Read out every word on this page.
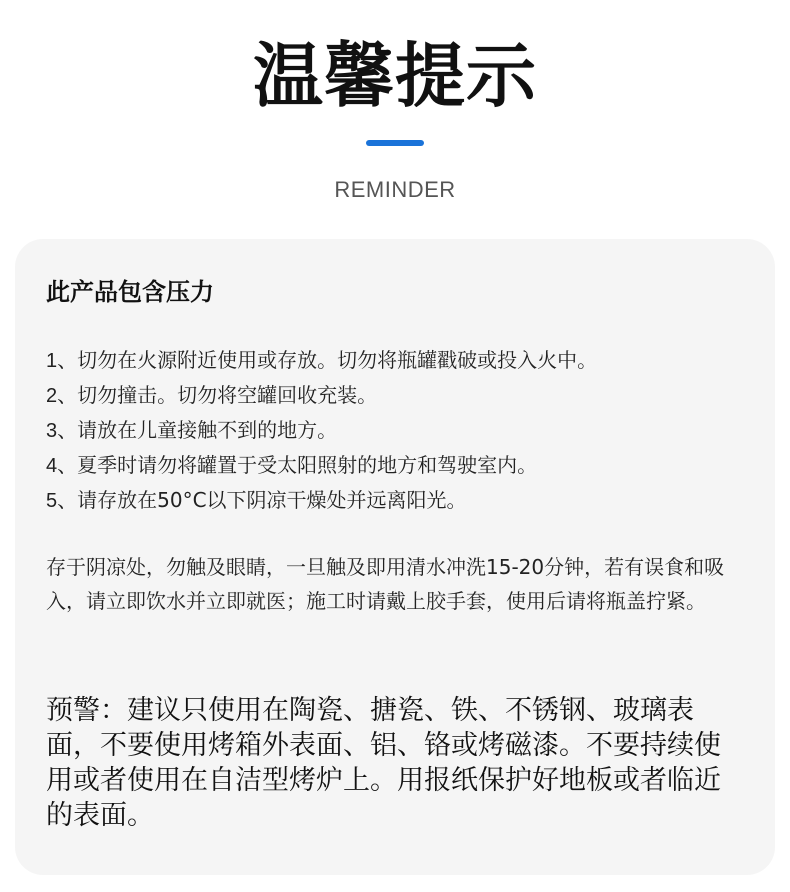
温馨提示
REMINDER
此产品包含压力
1、切勿在火源附近使用或存放。切勿将瓶罐戳破或投入火中。
2、切勿撞击。切勿将空罐回收充装。
3、请放在儿童接触不到的地方。
4、夏季时请勿将罐置于受太阳照射的地方和驾驶室内。
5、请存放在50°C以下阴凉干燥处并远离阳光。

存于阴凉处，勿触及眼睛，一旦触及即用清水冲洗15-20分钟，若有误食和吸入，请立即饮水并立即就医；施工时请戴上胶手套，使用后请将瓶盖拧紧。

预警：建议只使用在陶瓷、搪瓷、铁、不锈钢、玻璃表面，不要使用烤箱外表面、铝、铬或烤磁漆。不要持续使用或者使用在自洁型烤炉上。用报纸保护好地板或者临近的表面。
